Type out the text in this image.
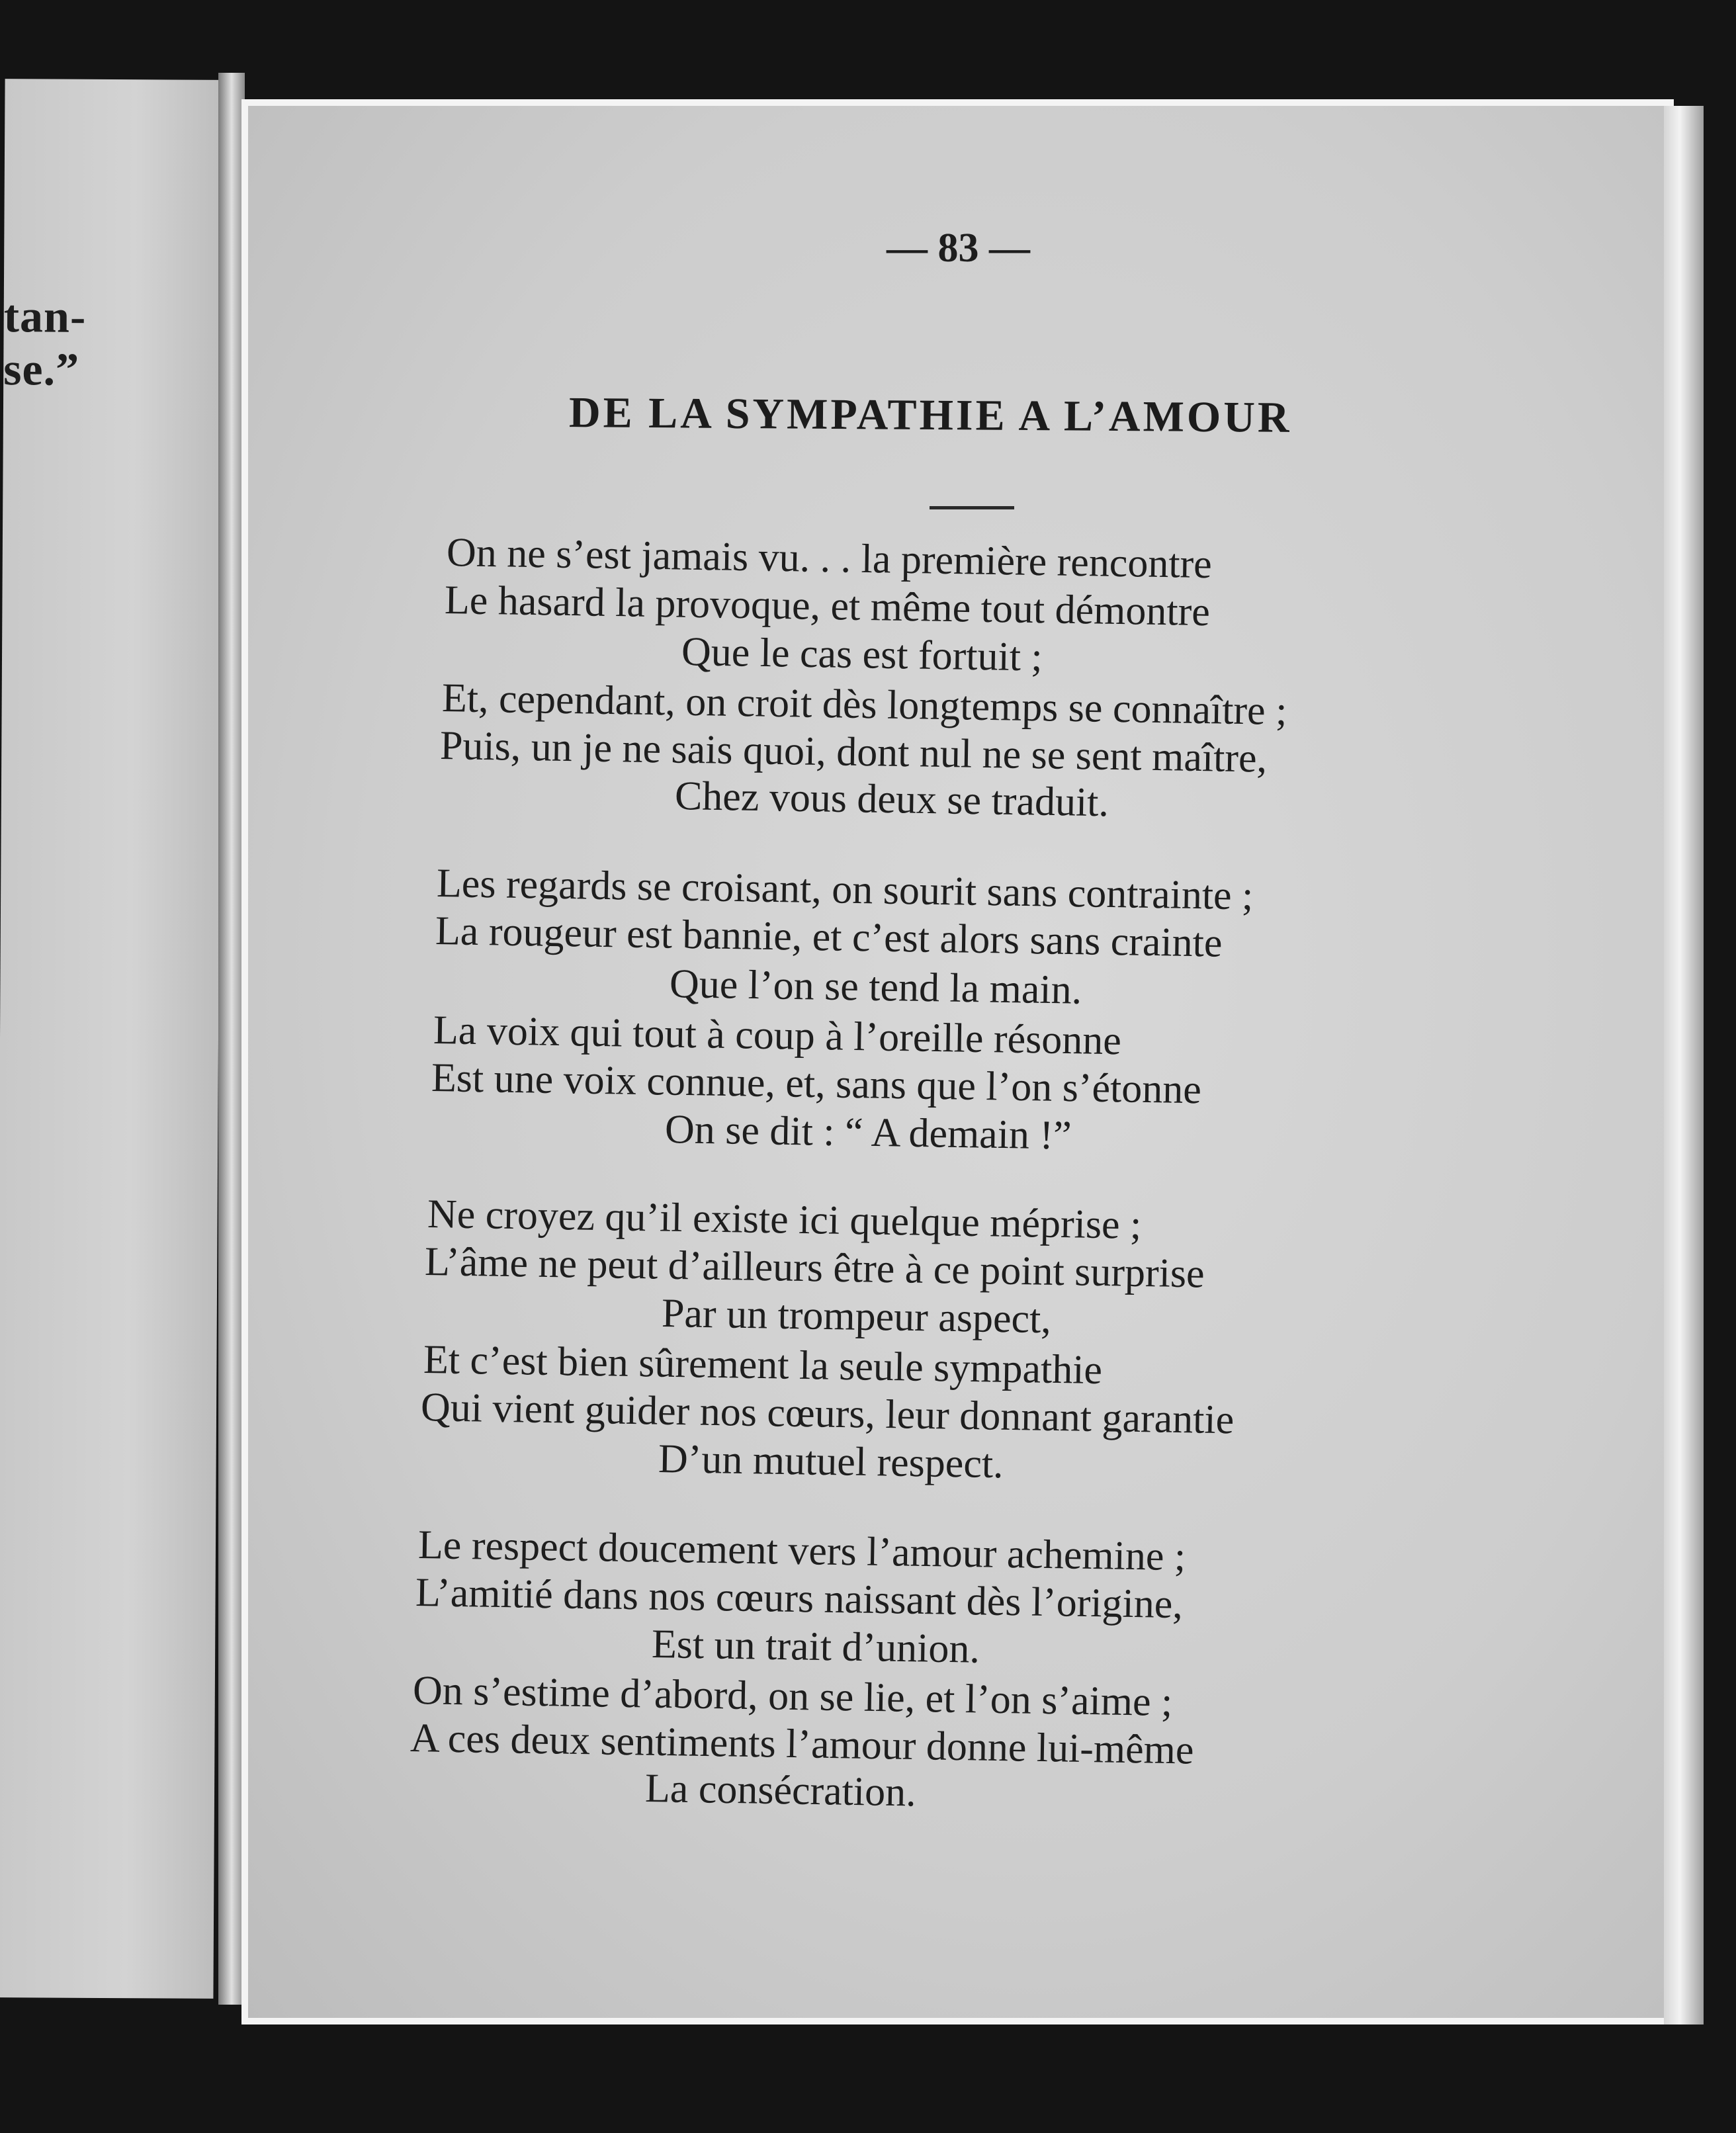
tan-
se.”
— 83 —
DE LA SYMPATHIE A L’AMOUR
On ne s’est jamais vu. . . la première rencontre
Le hasard la provoque, et même tout démontre
Que le cas est fortuit ;
Et, cependant, on croit dès longtemps se connaître ;
Puis, un je ne sais quoi, dont nul ne se sent maître,
Chez vous deux se traduit.
Les regards se croisant, on sourit sans contrainte ;
La rougeur est bannie, et c’est alors sans crainte
Que l’on se tend la main.
La voix qui tout à coup à l’oreille résonne
Est une voix connue, et, sans que l’on s’étonne
On se dit : “ A demain !”
Ne croyez qu’il existe ici quelque méprise ;
L’âme ne peut d’ailleurs être à ce point surprise
Par un trompeur aspect,
Et c’est bien sûrement la seule sympathie
Qui vient guider nos cœurs, leur donnant garantie
D’un mutuel respect.
Le respect doucement vers l’amour achemine ;
L’amitié dans nos cœurs naissant dès l’origine,
Est un trait d’union.
On s’estime d’abord, on se lie, et l’on s’aime ;
A ces deux sentiments l’amour donne lui-même
La consécration.
